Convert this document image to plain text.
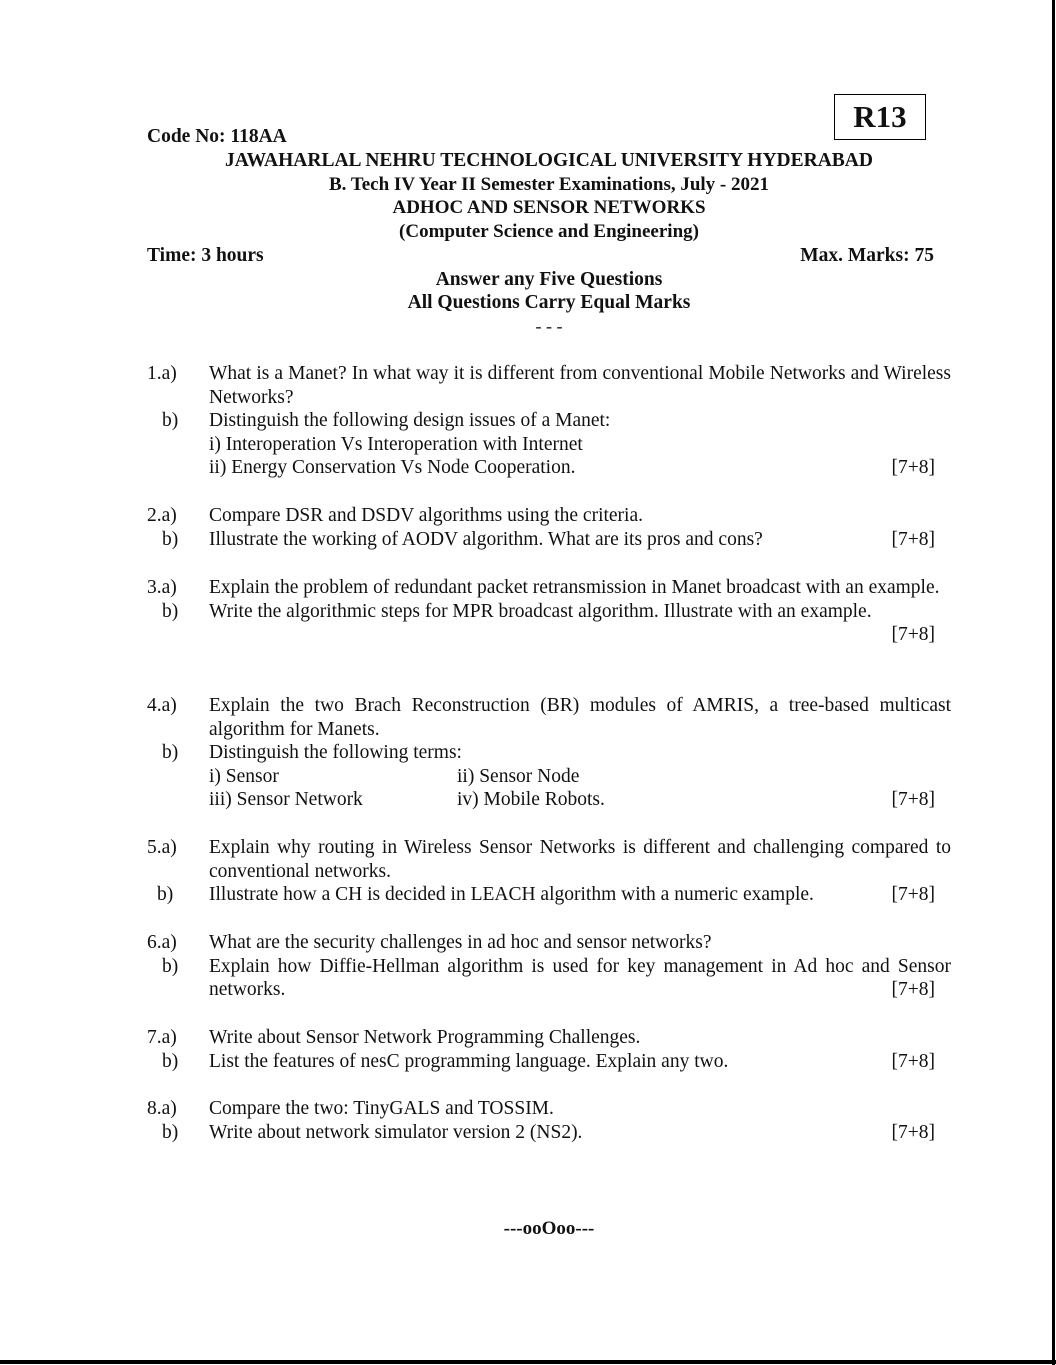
R13
Code No: 118AA
JAWAHARLAL NEHRU TECHNOLOGICAL UNIVERSITY HYDERABAD
B. Tech IV Year II Semester Examinations, July - 2021
ADHOC AND SENSOR NETWORKS
(Computer Science and Engineering)
Time: 3 hours	Max. Marks: 75
Answer any Five Questions
All Questions Carry Equal Marks
- - -
1.a)	What is a Manet? In what way it is different from conventional Mobile Networks and Wireless Networks?
b)	Distinguish the following design issues of a Manet:
i) Interoperation Vs Interoperation with Internet
ii) Energy Conservation Vs Node Cooperation.	[7+8]
2.a)	Compare DSR and DSDV algorithms using the criteria.
b)	Illustrate the working of AODV algorithm. What are its pros and cons?	[7+8]
3.a)	Explain the problem of redundant packet retransmission in Manet broadcast with an example.
b)	Write the algorithmic steps for MPR broadcast algorithm. Illustrate with an example.
[7+8]
4.a)	Explain the two Brach Reconstruction (BR) modules of AMRIS, a tree-based multicast algorithm for Manets.
b)	Distinguish the following terms:
i) Sensor	ii) Sensor Node
iii) Sensor Network	iv) Mobile Robots.	[7+8]
5.a)	Explain why routing in Wireless Sensor Networks is different and challenging compared to conventional networks.
b)	Illustrate how a CH is decided in LEACH algorithm with a numeric example.	[7+8]
6.a)	What are the security challenges in ad hoc and sensor networks?
b)	Explain how Diffie-Hellman algorithm is used for key management in Ad hoc and Sensor networks.	[7+8]
7.a)	Write about Sensor Network Programming Challenges.
b)	List the features of nesC programming language. Explain any two.	[7+8]
8.a)	Compare the two: TinyGALS and TOSSIM.
b)	Write about network simulator version 2 (NS2).	[7+8]
---ooOoo---
